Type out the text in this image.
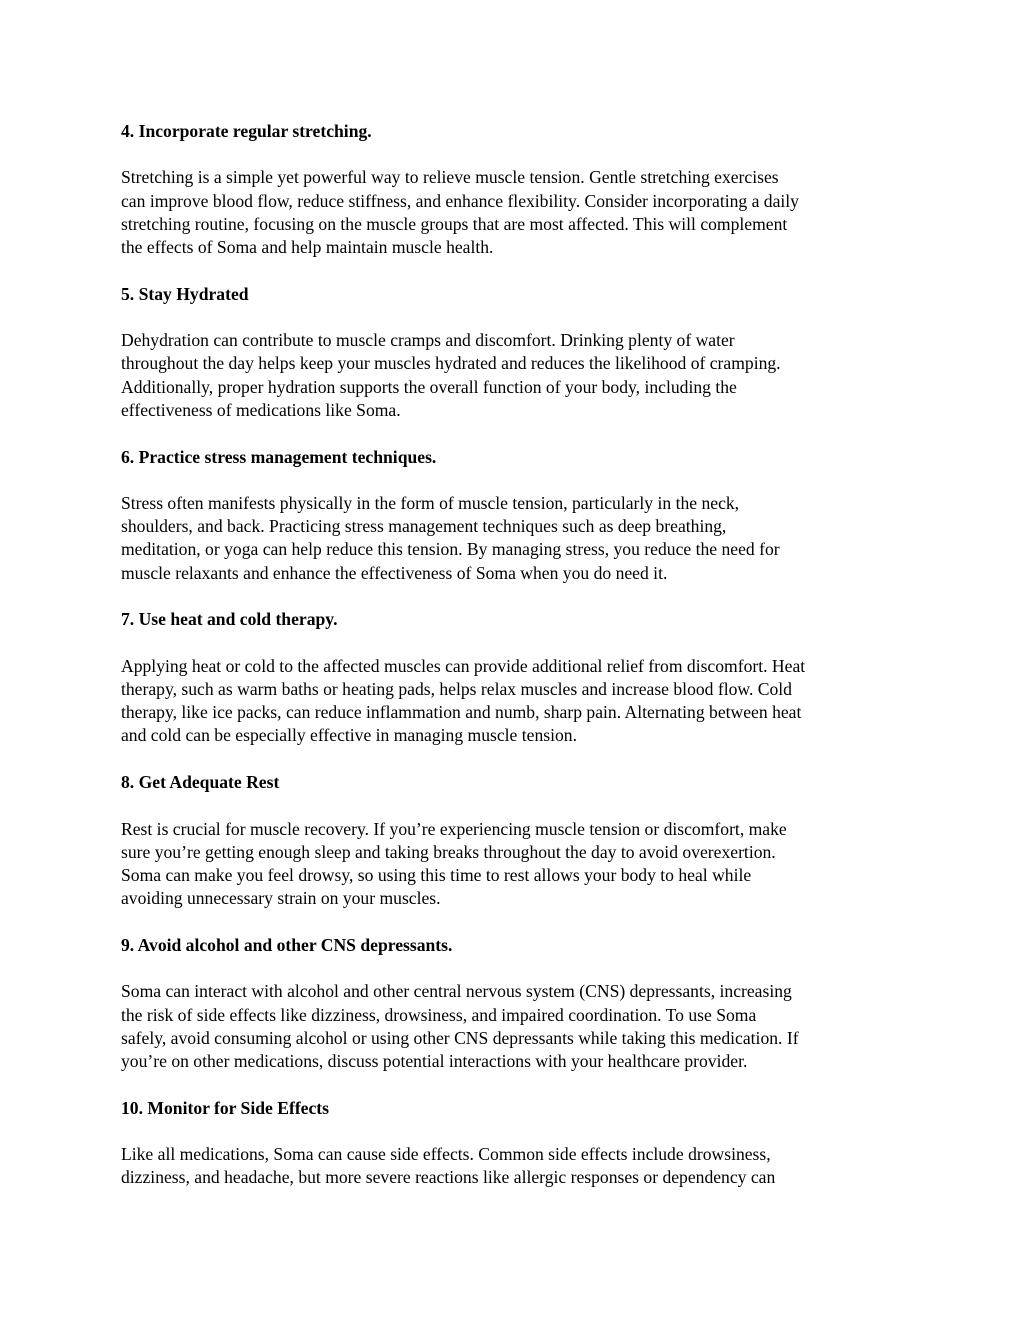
4. Incorporate regular stretching.

Stretching is a simple yet powerful way to relieve muscle tension. Gentle stretching exercises
can improve blood flow, reduce stiffness, and enhance flexibility. Consider incorporating a daily
stretching routine, focusing on the muscle groups that are most affected. This will complement
the effects of Soma and help maintain muscle health.

5. Stay Hydrated

Dehydration can contribute to muscle cramps and discomfort. Drinking plenty of water
throughout the day helps keep your muscles hydrated and reduces the likelihood of cramping.
Additionally, proper hydration supports the overall function of your body, including the
effectiveness of medications like Soma.

6. Practice stress management techniques.

Stress often manifests physically in the form of muscle tension, particularly in the neck,
shoulders, and back. Practicing stress management techniques such as deep breathing,
meditation, or yoga can help reduce this tension. By managing stress, you reduce the need for
muscle relaxants and enhance the effectiveness of Soma when you do need it.

7. Use heat and cold therapy.

Applying heat or cold to the affected muscles can provide additional relief from discomfort. Heat
therapy, such as warm baths or heating pads, helps relax muscles and increase blood flow. Cold
therapy, like ice packs, can reduce inflammation and numb, sharp pain. Alternating between heat
and cold can be especially effective in managing muscle tension.

8. Get Adequate Rest

Rest is crucial for muscle recovery. If you’re experiencing muscle tension or discomfort, make
sure you’re getting enough sleep and taking breaks throughout the day to avoid overexertion.
Soma can make you feel drowsy, so using this time to rest allows your body to heal while
avoiding unnecessary strain on your muscles.

9. Avoid alcohol and other CNS depressants.

Soma can interact with alcohol and other central nervous system (CNS) depressants, increasing
the risk of side effects like dizziness, drowsiness, and impaired coordination. To use Soma
safely, avoid consuming alcohol or using other CNS depressants while taking this medication. If
you’re on other medications, discuss potential interactions with your healthcare provider.

10. Monitor for Side Effects

Like all medications, Soma can cause side effects. Common side effects include drowsiness,
dizziness, and headache, but more severe reactions like allergic responses or dependency can
